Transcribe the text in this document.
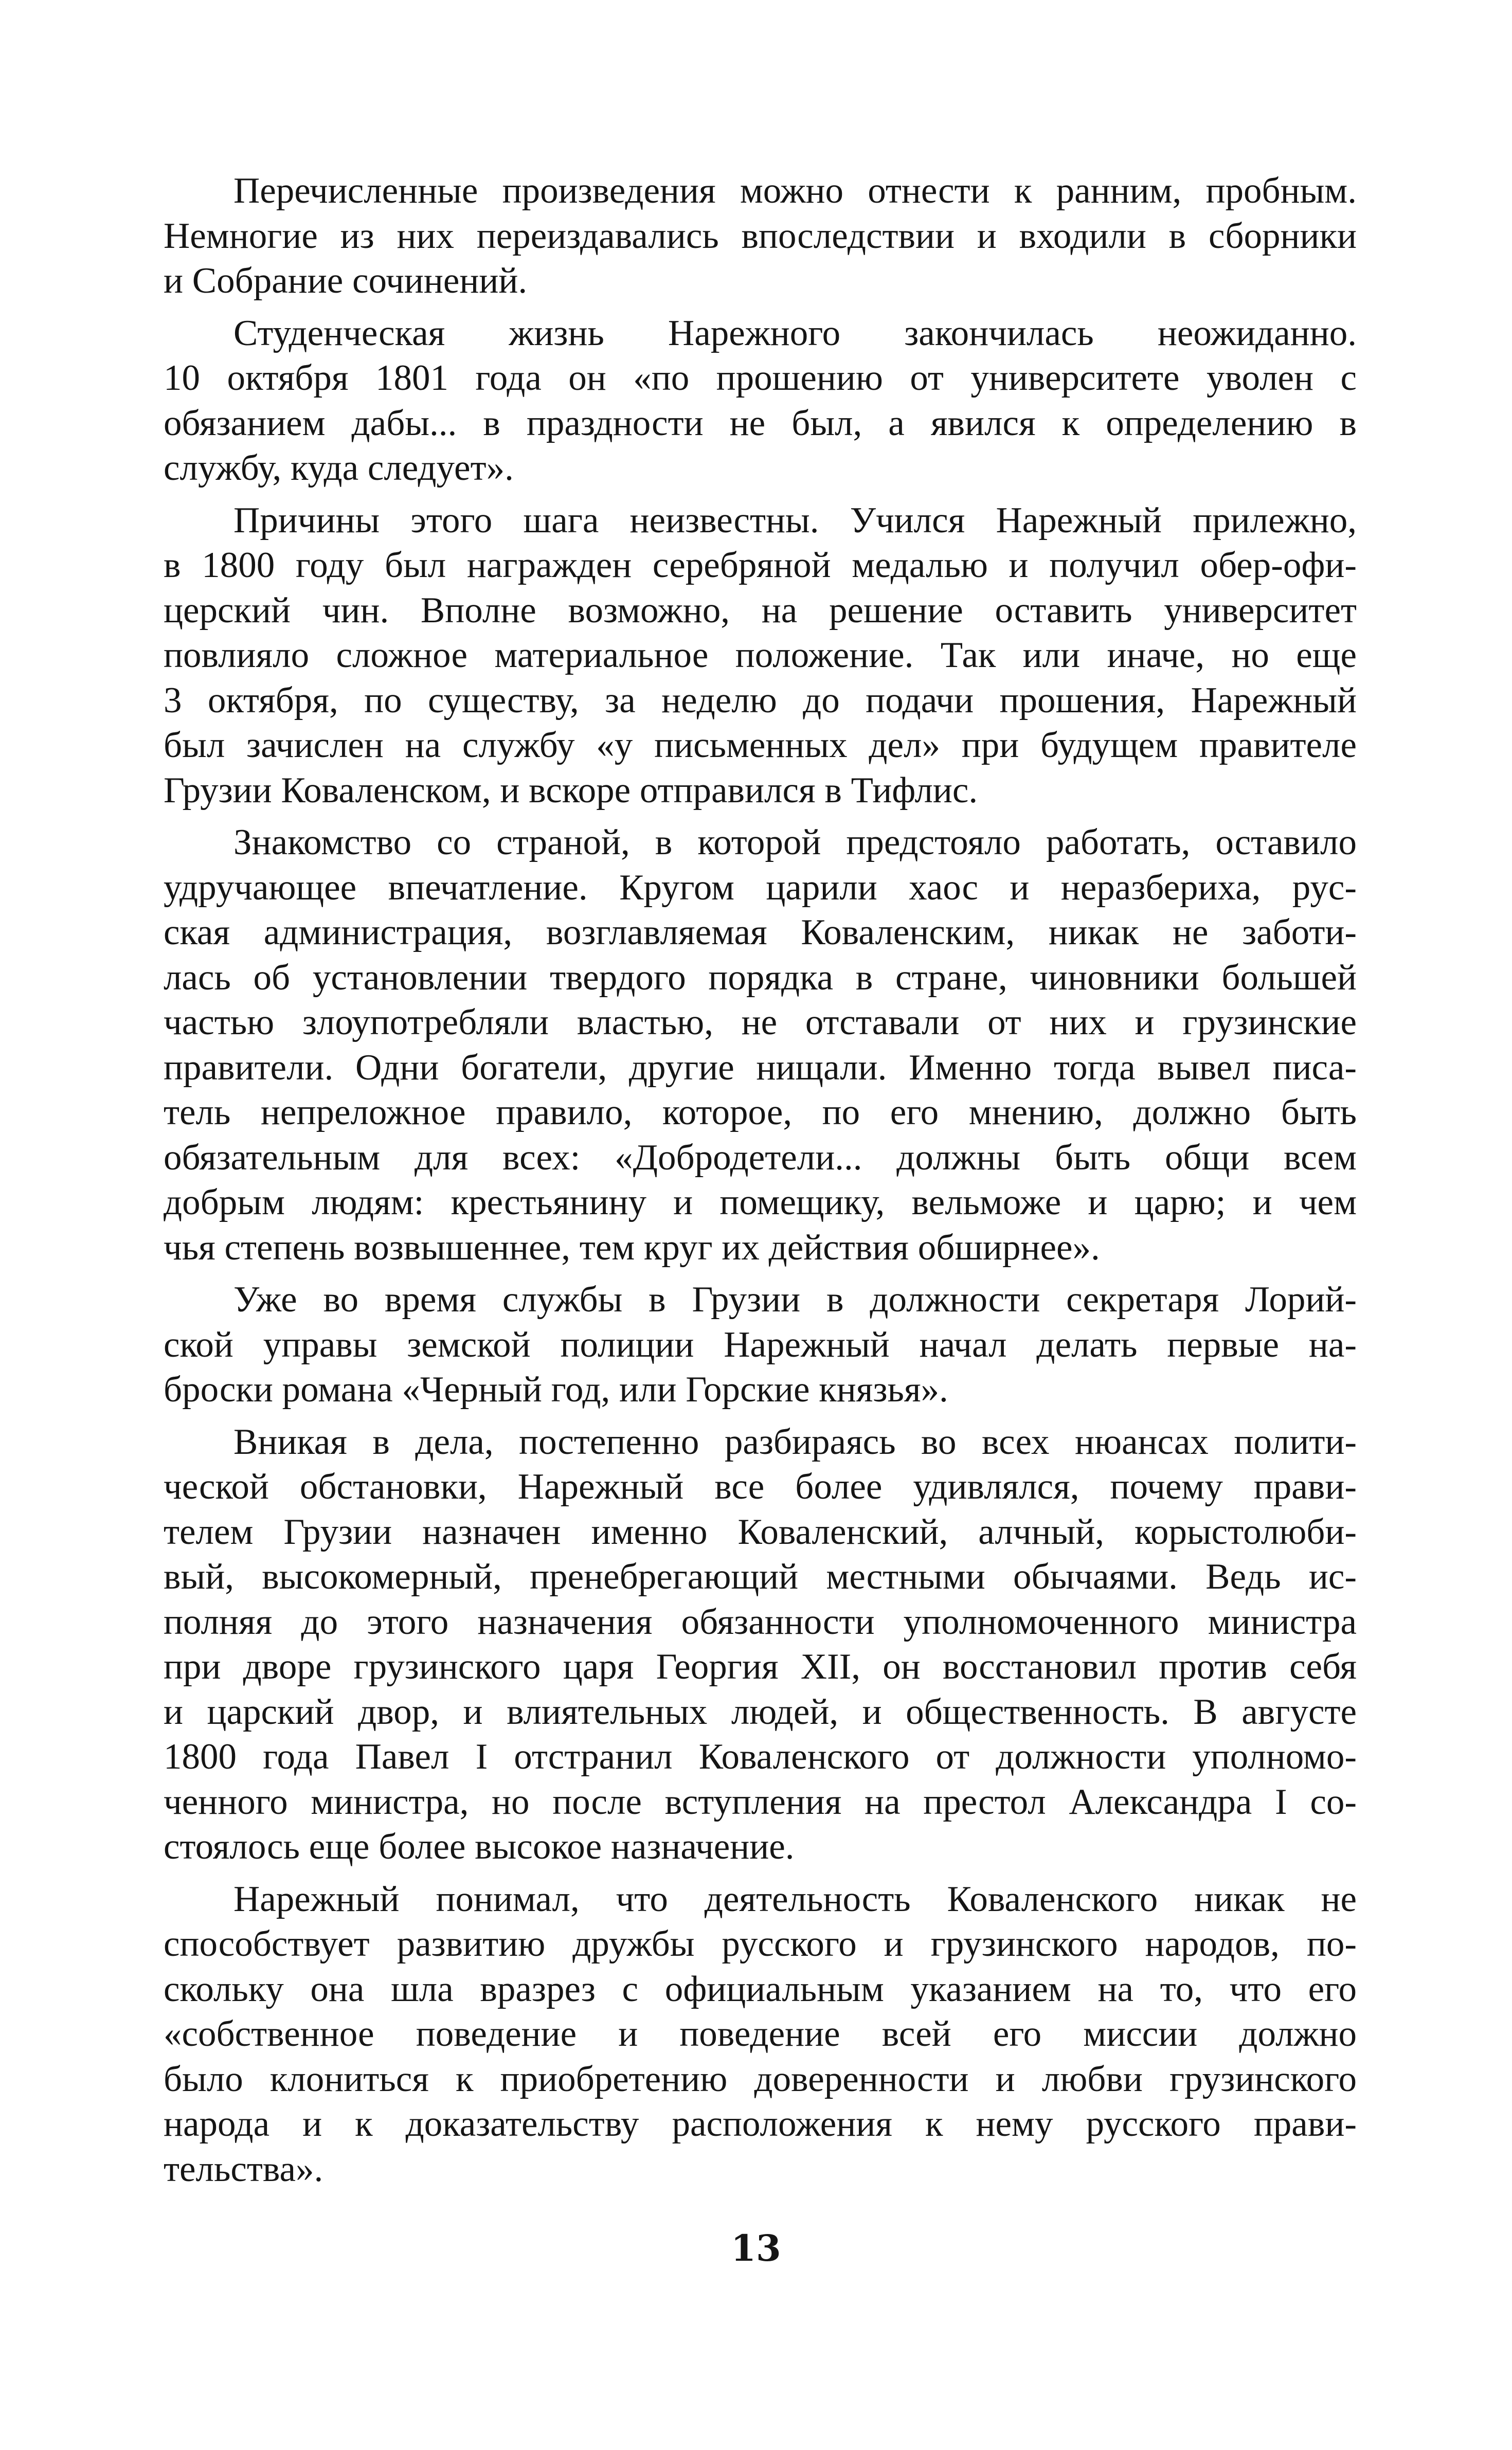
Перечисленные произведения можно отнести к ранним, пробным.
Немногие из них переиздавались впоследствии и входили в сборники
и Собрание сочинений.
Студенческая жизнь Нарежного закончилась неожиданно.
10 октября 1801 года он «по прошению от университете уволен с
обязанием дабы... в праздности не был, а явился к определению в
службу, куда следует».
Причины этого шага неизвестны. Учился Нарежный прилежно,
в 1800 году был награжден серебряной медалью и получил обер-офи-
церский чин. Вполне возможно, на решение оставить университет
повлияло сложное материальное положение. Так или иначе, но еще
3 октября, по существу, за неделю до подачи прошения, Нарежный
был зачислен на службу «у письменных дел» при будущем правителе
Грузии Коваленском, и вскоре отправился в Тифлис.
Знакомство со страной, в которой предстояло работать, оставило
удручающее впечатление. Кругом царили хаос и неразбериха, рус-
ская администрация, возглавляемая Коваленским, никак не заботи-
лась об установлении твердого порядка в стране, чиновники большей
частью злоупотребляли властью, не отставали от них и грузинские
правители. Одни богатели, другие нищали. Именно тогда вывел писа-
тель непреложное правило, которое, по его мнению, должно быть
обязательным для всех: «Добродетели... должны быть общи всем
добрым людям: крестьянину и помещику, вельможе и царю; и чем
чья степень возвышеннее, тем круг их действия обширнее».
Уже во время службы в Грузии в должности секретаря Лорий-
ской управы земской полиции Нарежный начал делать первые на-
броски романа «Черный год, или Горские князья».
Вникая в дела, постепенно разбираясь во всех нюансах полити-
ческой обстановки, Нарежный все более удивлялся, почему прави-
телем Грузии назначен именно Коваленский, алчный, корыстолюби-
вый, высокомерный, пренебрегающий местными обычаями. Ведь ис-
полняя до этого назначения обязанности уполномоченного министра
при дворе грузинского царя Георгия XII, он восстановил против себя
и царский двор, и влиятельных людей, и общественность. В августе
1800 года Павел I отстранил Коваленского от должности уполномо-
ченного министра, но после вступления на престол Александра I со-
стоялось еще более высокое назначение.
Нарежный понимал, что деятельность Коваленского никак не
способствует развитию дружбы русского и грузинского народов, по-
скольку она шла вразрез с официальным указанием на то, что его
«собственное поведение и поведение всей его миссии должно
было клониться к приобретению доверенности и любви грузинского
народа и к доказательству расположения к нему русского прави-
тельства».
13
